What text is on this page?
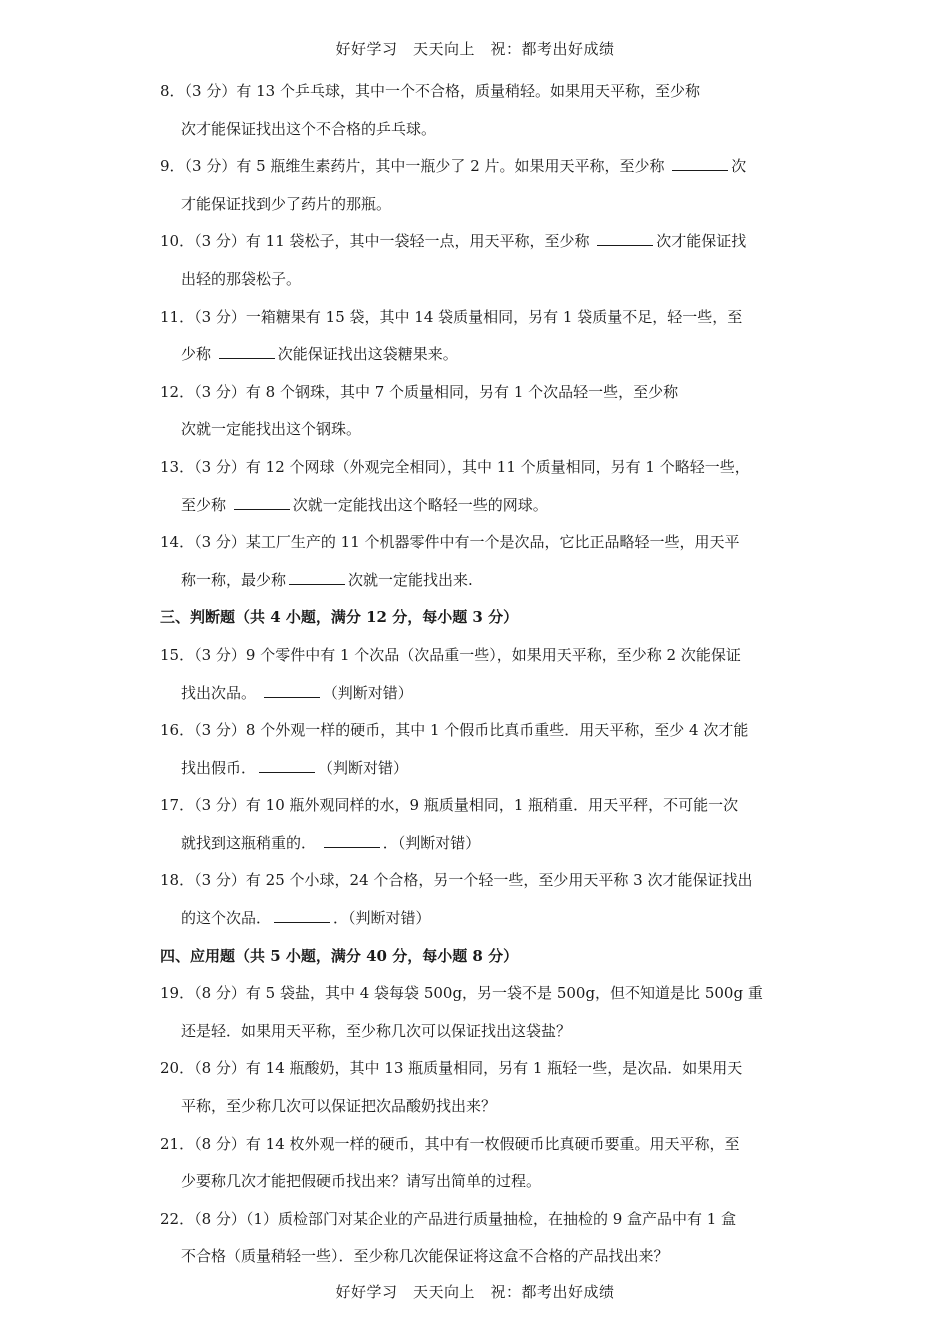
好好学习　天天向上　祝：都考出好成绩
8．（3 分）有 13 个乒乓球，其中一个不合格，质量稍轻。如果用天平称，至少称
次才能保证找出这个不合格的乒乓球。
9．（3 分）有 5 瓶维生素药片，其中一瓶少了 2 片。如果用天平称，至少称	次
才能保证找到少了药片的那瓶。
10．（3 分）有 11 袋松子，其中一袋轻一点，用天平称，至少称	次才能保证找
出轻的那袋松子。
11．（3 分）一箱糖果有 15 袋，其中 14 袋质量相同，另有 1 袋质量不足，轻一些，至
少称	次能保证找出这袋糖果来。
12．（3 分）有 8 个钢珠，其中 7 个质量相同，另有 1 个次品轻一些，至少称
次就一定能找出这个钢珠。
13．（3 分）有 12 个网球（外观完全相同），其中 11 个质量相同，另有 1 个略轻一些，
至少称	次就一定能找出这个略轻一些的网球。
14．（3 分）某工厂生产的 11 个机器零件中有一个是次品，它比正品略轻一些，用天平
称一称，最少称	次就一定能找出来.
三、判断题（共 4 小题，满分 12 分，每小题 3 分）
15．（3 分）9 个零件中有 1 个次品（次品重一些），如果用天平称，至少称 2 次能保证
找出次品。	（判断对错）
16．（3 分）8 个外观一样的硬币，其中 1 个假币比真币重些．用天平称，至少 4 次才能
找出假币．	（判断对错）
17．（3 分）有 10 瓶外观同样的水，9 瓶质量相同，1 瓶稍重．用天平秤，不可能一次
就找到这瓶稍重的．	．（判断对错）
18．（3 分）有 25 个小球，24 个合格，另一个轻一些，至少用天平称 3 次才能保证找出
的这个次品．	．（判断对错）
四、应用题（共 5 小题，满分 40 分，每小题 8 分）
19．（8 分）有 5 袋盐，其中 4 袋每袋 500g，另一袋不是 500g，但不知道是比 500g 重
还是轻．如果用天平称，至少称几次可以保证找出这袋盐？
20．（8 分）有 14 瓶酸奶，其中 13 瓶质量相同，另有 1 瓶轻一些，是次品．如果用天
平称，至少称几次可以保证把次品酸奶找出来？
21．（8 分）有 14 枚外观一样的硬币，其中有一枚假硬币比真硬币要重。用天平称，至
少要称几次才能把假硬币找出来？请写出简单的过程。
22．（8 分）（1）质检部门对某企业的产品进行质量抽检，在抽检的 9 盒产品中有 1 盒
不合格（质量稍轻一些）．至少称几次能保证将这盒不合格的产品找出来？
好好学习　天天向上　祝：都考出好成绩
